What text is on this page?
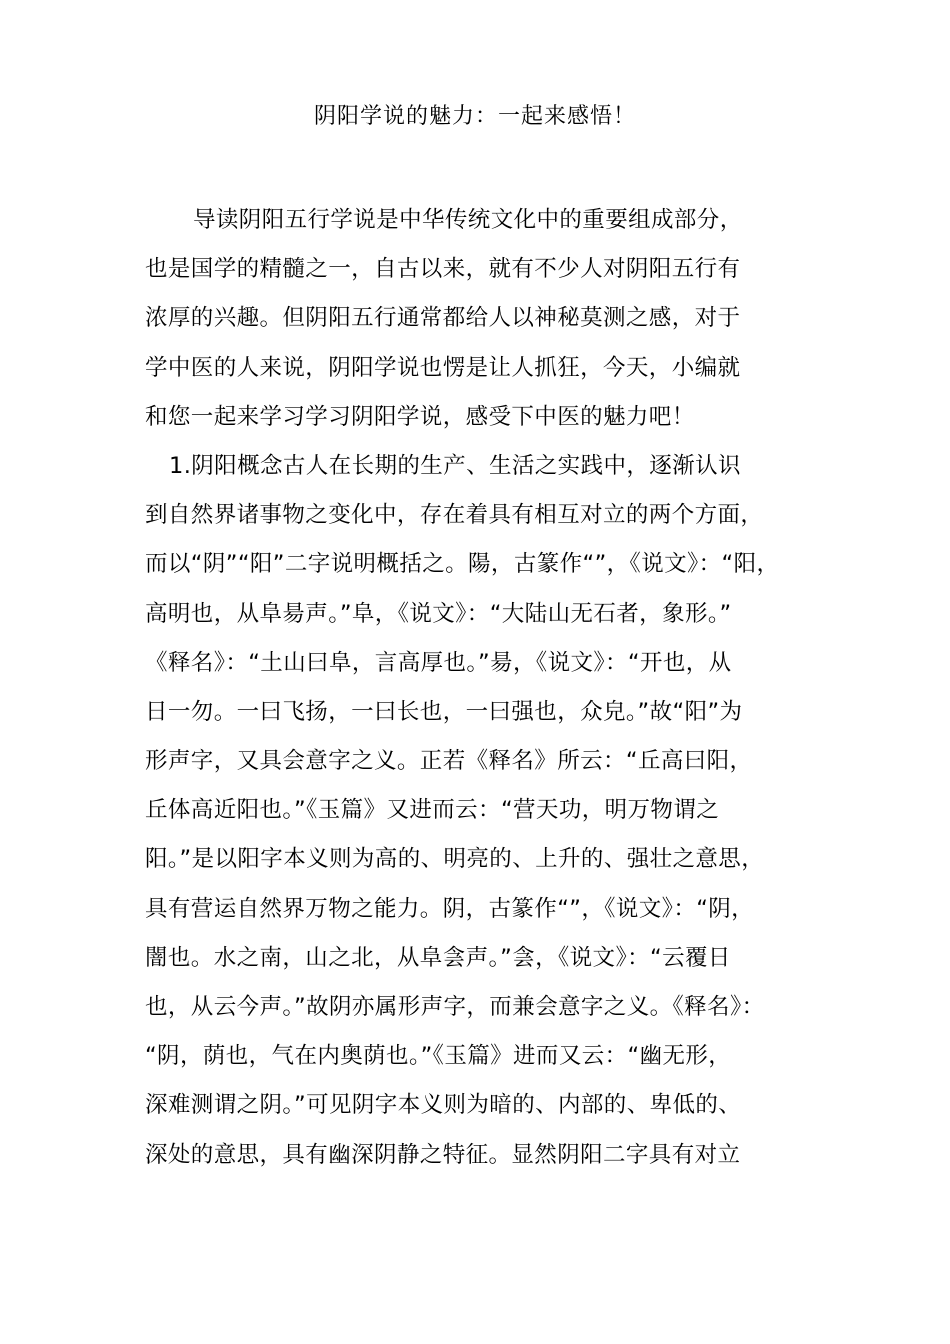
阴阳学说的魅力：一起来感悟！
导读阴阳五行学说是中华传统文化中的重要组成部分，
也是国学的精髓之一，自古以来，就有不少人对阴阳五行有
浓厚的兴趣。但阴阳五行通常都给人以神秘莫测之感，对于
学中医的人来说，阴阳学说也愣是让人抓狂，今天，小编就
和您一起来学习学习阴阳学说，感受下中医的魅力吧！
1.阴阳概念古人在长期的生产、生活之实践中，逐渐认识
到自然界诸事物之变化中，存在着具有相互对立的两个方面，
而以“阴”“阳”二字说明概括之。陽，古篆作“”，《说文》：“阳，
高明也，从阜昜声。”阜，《说文》：“大陆山无石者，象形。”
《释名》：“土山曰阜，言高厚也。”昜，《说文》：“开也，从
日一勿。一曰飞扬，一曰长也，一曰强也，众皃。”故“阳”为
形声字，又具会意字之义。正若《释名》所云：“丘高曰阳，
丘体高近阳也。”《玉篇》又进而云：“营天功，明万物谓之
阳。”是以阳字本义则为高的、明亮的、上升的、强壮之意思，
具有营运自然界万物之能力。阴，古篆作“”，《说文》：“阴，
闇也。水之南，山之北，从阜侌声。”侌，《说文》：“云覆日
也，从云今声。”故阴亦属形声字，而兼会意字之义。《释名》：
“阴，荫也，气在内奥荫也。”《玉篇》进而又云：“幽无形，
深难测谓之阴。”可见阴字本义则为暗的、内部的、卑低的、
深处的意思，具有幽深阴静之特征。显然阴阳二字具有对立
